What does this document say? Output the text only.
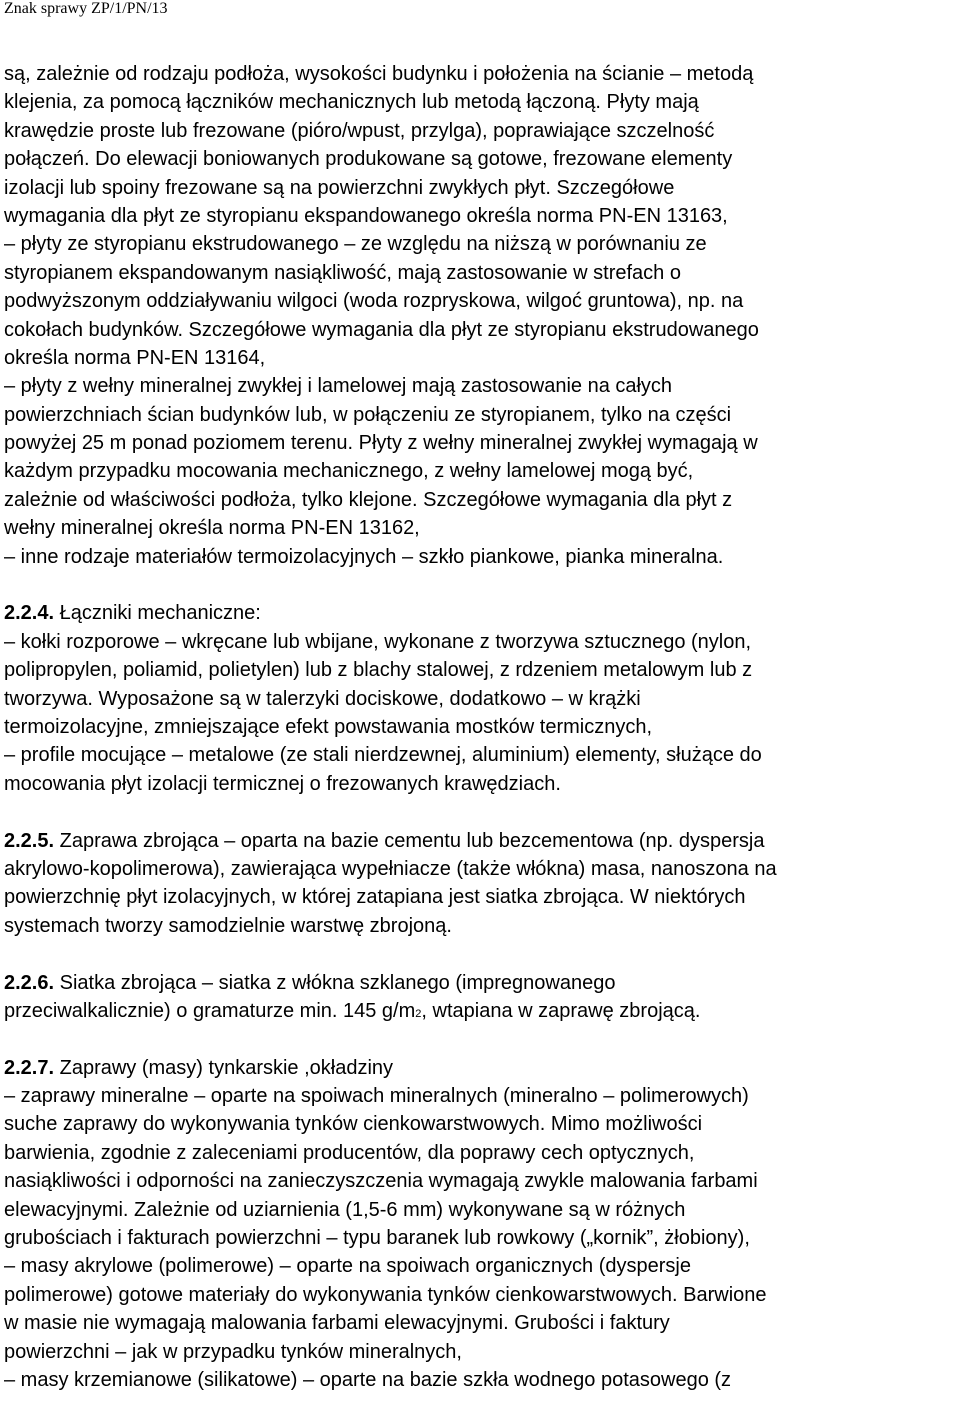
Znak sprawy ZP/1/PN/13
są, zależnie od rodzaju podłoża, wysokości budynku i położenia na ścianie – metodą
klejenia, za pomocą łączników mechanicznych lub metodą łączoną. Płyty mają
krawędzie proste lub frezowane (pióro/wpust, przylga), poprawiające szczelność
połączeń. Do elewacji boniowanych produkowane są gotowe, frezowane elementy
izolacji lub spoiny frezowane są na powierzchni zwykłych płyt. Szczegółowe
wymagania dla płyt ze styropianu ekspandowanego określa norma PN-EN 13163,
– płyty ze styropianu ekstrudowanego – ze względu na niższą w porównaniu ze
styropianem ekspandowanym nasiąkliwość, mają zastosowanie w strefach o
podwyższonym oddziaływaniu wilgoci (woda rozpryskowa, wilgoć gruntowa), np. na
cokołach budynków. Szczegółowe wymagania dla płyt ze styropianu ekstrudowanego
określa norma PN-EN 13164,
– płyty z wełny mineralnej zwykłej i lamelowej mają zastosowanie na całych
powierzchniach ścian budynków lub, w połączeniu ze styropianem, tylko na części
powyżej 25 m ponad poziomem terenu. Płyty z wełny mineralnej zwykłej wymagają w
każdym przypadku mocowania mechanicznego, z wełny lamelowej mogą być,
zależnie od właściwości podłoża, tylko klejone. Szczegółowe wymagania dla płyt z
wełny mineralnej określa norma PN-EN 13162,
– inne rodzaje materiałów termoizolacyjnych – szkło piankowe, pianka mineralna.
2.2.4. Łączniki mechaniczne:
– kołki rozporowe – wkręcane lub wbijane, wykonane z tworzywa sztucznego (nylon,
polipropylen, poliamid, polietylen) lub z blachy stalowej, z rdzeniem metalowym lub z
tworzywa. Wyposażone są w talerzyki dociskowe, dodatkowo – w krążki
termoizolacyjne, zmniejszające efekt powstawania mostków termicznych,
– profile mocujące – metalowe (ze stali nierdzewnej, aluminium) elementy, służące do
mocowania płyt izolacji termicznej o frezowanych krawędziach.
2.2.5. Zaprawa zbrojąca – oparta na bazie cementu lub bezcementowa (np. dyspersja
akrylowo-kopolimerowa), zawierająca wypełniacze (także włókna) masa, nanoszona na
powierzchnię płyt izolacyjnych, w której zatapiana jest siatka zbrojąca. W niektórych
systemach tworzy samodzielnie warstwę zbrojoną.
2.2.6. Siatka zbrojąca – siatka z włókna szklanego (impregnowanego
przeciwalkalicznie) o gramaturze min. 145 g/m2, wtapiana w zaprawę zbrojącą.
2.2.7. Zaprawy (masy) tynkarskie ,okładziny
– zaprawy mineralne – oparte na spoiwach mineralnych (mineralno – polimerowych)
suche zaprawy do wykonywania tynków cienkowarstwowych. Mimo możliwości
barwienia, zgodnie z zaleceniami producentów, dla poprawy cech optycznych,
nasiąkliwości i odporności na zanieczyszczenia wymagają zwykle malowania farbami
elewacyjnymi. Zależnie od uziarnienia (1,5-6 mm) wykonywane są w różnych
grubościach i fakturach powierzchni – typu baranek lub rowkowy („kornik”, żłobiony),
– masy akrylowe (polimerowe) – oparte na spoiwach organicznych (dyspersje
polimerowe) gotowe materiały do wykonywania tynków cienkowarstwowych. Barwione
w masie nie wymagają malowania farbami elewacyjnymi. Grubości i faktury
powierzchni – jak w przypadku tynków mineralnych,
– masy krzemianowe (silikatowe) – oparte na bazie szkła wodnego potasowego (z
